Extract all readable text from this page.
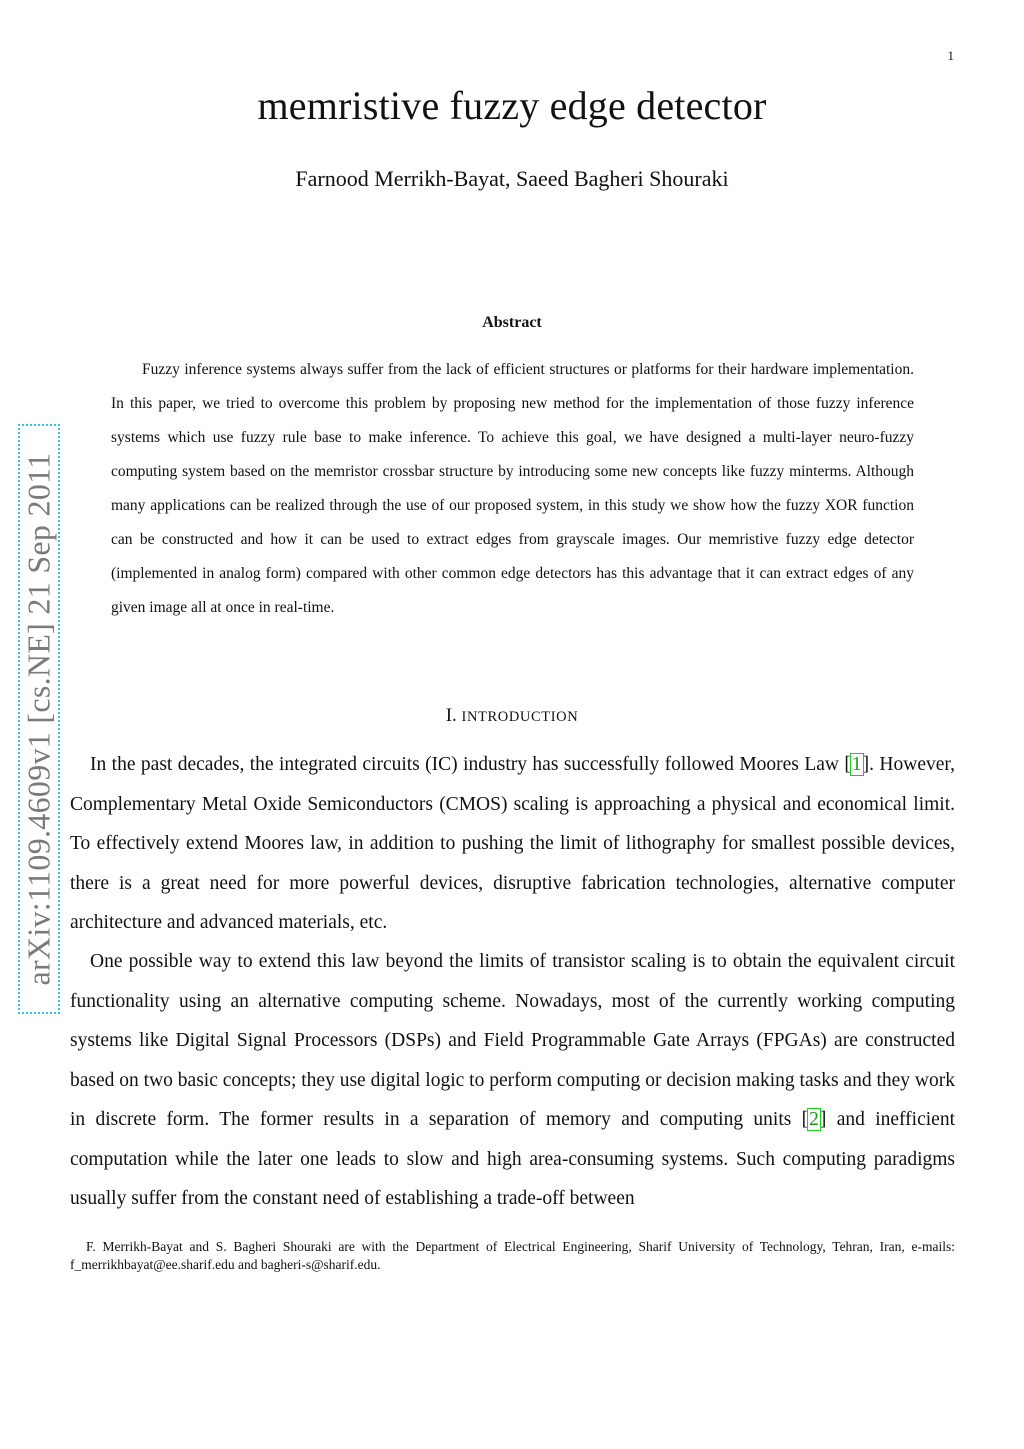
1
memristive fuzzy edge detector
Farnood Merrikh-Bayat, Saeed Bagheri Shouraki
arXiv:1109.4609v1 [cs.NE] 21 Sep 2011
Abstract

Fuzzy inference systems always suffer from the lack of efficient structures or platforms for their hardware implementation. In this paper, we tried to overcome this problem by proposing new method for the implementation of those fuzzy inference systems which use fuzzy rule base to make inference. To achieve this goal, we have designed a multi-layer neuro-fuzzy computing system based on the memristor crossbar structure by introducing some new concepts like fuzzy minterms. Although many applications can be realized through the use of our proposed system, in this study we show how the fuzzy XOR function can be constructed and how it can be used to extract edges from grayscale images. Our memristive fuzzy edge detector (implemented in analog form) compared with other common edge detectors has this advantage that it can extract edges of any given image all at once in real-time.

I. INTRODUCTION

In the past decades, the integrated circuits (IC) industry has successfully followed Moores Law [1]. However, Complementary Metal Oxide Semiconductors (CMOS) scaling is approaching a physical and economical limit. To effectively extend Moores law, in addition to pushing the limit of lithography for smallest possible devices, there is a great need for more powerful devices, disruptive fabrication technologies, alternative computer architecture and advanced materials, etc.

One possible way to extend this law beyond the limits of transistor scaling is to obtain the equivalent circuit functionality using an alternative computing scheme. Nowadays, most of the currently working computing systems like Digital Signal Processors (DSPs) and Field Programmable Gate Arrays (FPGAs) are constructed based on two basic concepts; they use digital logic to perform computing or decision making tasks and they work in discrete form. The former results in a separation of memory and computing units [2] and inefficient computation while the later one leads to slow and high area-consuming systems. Such computing paradigms usually suffer from the constant need of establishing a trade-off between

F. Merrikh-Bayat and S. Bagheri Shouraki are with the Department of Electrical Engineering, Sharif University of Technology, Tehran, Iran, e-mails: f_merrikhbayat@ee.sharif.edu and bagheri-s@sharif.edu.
